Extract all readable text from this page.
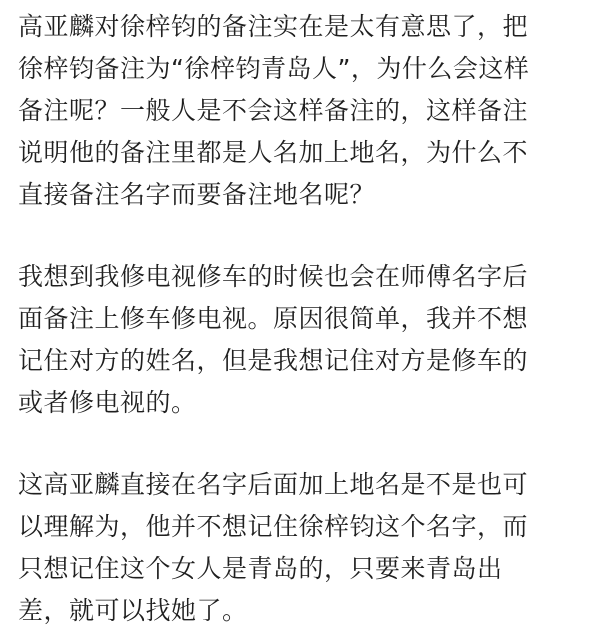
高亚麟对徐梓钧的备注实在是太有意思了，把
徐梓钧备注为“徐梓钧青岛人”，为什么会这样
备注呢？一般人是不会这样备注的，这样备注
说明他的备注里都是人名加上地名，为什么不
直接备注名字而要备注地名呢？

我想到我修电视修车的时候也会在师傅名字后
面备注上修车修电视。原因很简单，我并不想
记住对方的姓名，但是我想记住对方是修车的
或者修电视的。

这高亚麟直接在名字后面加上地名是不是也可
以理解为，他并不想记住徐梓钧这个名字，而
只想记住这个女人是青岛的，只要来青岛出
差，就可以找她了。
